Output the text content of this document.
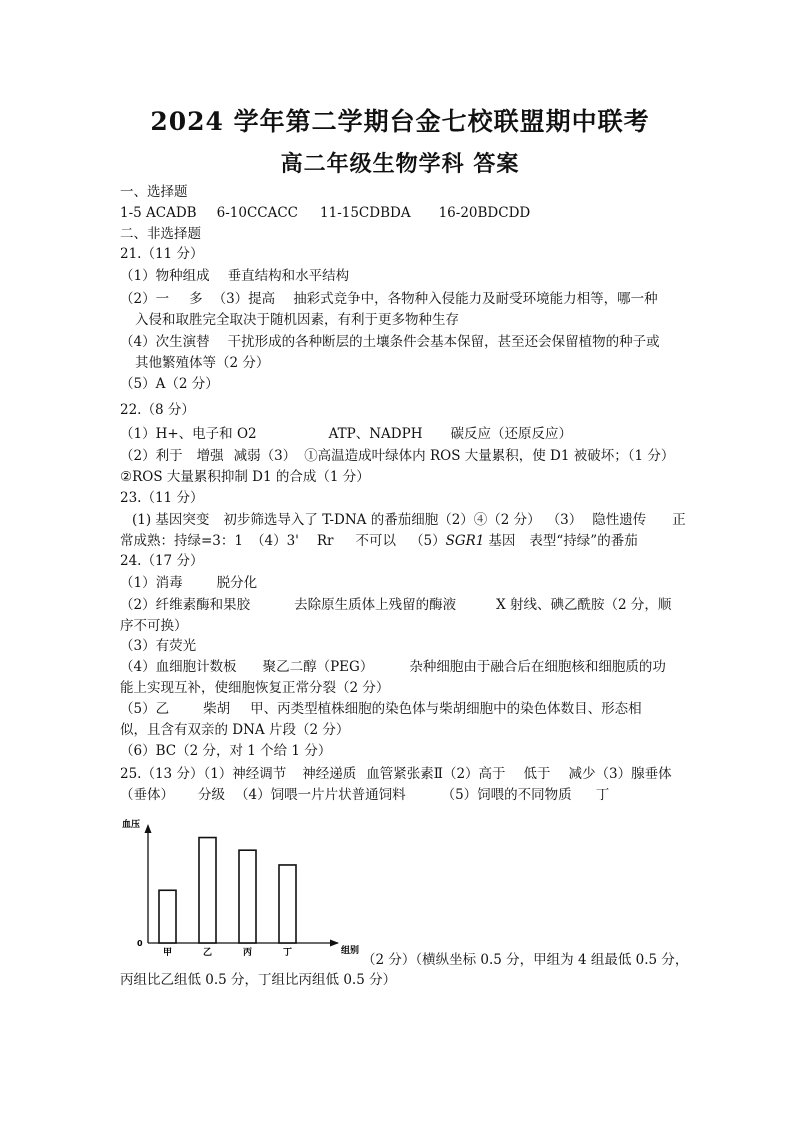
2024 学年第二学期台金七校联盟期中联考
高二年级生物学科 答案
一、选择题
1-5 ACADB 6-10CCACC 11-15CDBDA 16-20BDCDD
二、非选择题
21.（11 分）
（1）物种组成 垂直结构和水平结构
（2）一 多 （3）提高 抽彩式竞争中，各物种入侵能力及耐受环境能力相等，哪一种
入侵和取胜完全取决于随机因素，有利于更多物种生存
（4）次生演替 干扰形成的各种断层的土壤条件会基本保留，甚至还会保留植物的种子或
其他繁殖体等（2 分）
（5）A（2 分）
22.（8 分）
（1）H+、电子和 O2	ATP、NADPH 碳反应（还原反应）
（2）利于 增强 减弱（3） ①高温造成叶绿体内 ROS 大量累积，使 D1 被破坏；（1 分）
②ROS 大量累积抑制 D1 的合成（1 分）
23.（11 分）
(1) 基因突变 初步筛选导入了 T-DNA 的番茄细胞（2）④（2 分） （3） 隐性遗传 正
常成熟：持绿=3：1 （4）3' Rr 不可以 （5）SGR1 基因 表型“持绿”的番茄
24.（17 分）
（1）消毒	脱分化
（2）纤维素酶和果胶	去除原生质体上残留的酶液	X 射线、碘乙酰胺（2 分，顺
序不可换）
（3）有荧光
（4）血细胞计数板 聚乙二醇（PEG）	杂种细胞由于融合后在细胞核和细胞质的功
能上实现互补，使细胞恢复正常分裂（2 分）
（5）乙	柴胡 甲、丙类型植株细胞的染色体与柴胡细胞中的染色体数目、形态相
似，且含有双亲的 DNA 片段（2 分）
（6）BC（2 分，对 1 个给 1 分）
25.（13 分）（1）神经调节 神经递质 血管紧张素Ⅱ（2）高于 低于 减少（3）腺垂体
（垂体） 分级 （4）饲喂一片片状普通饲料	（5）饲喂的不同物质 丁
血压
组别
0
甲	乙	丙	丁	（2 分）（横纵坐标 0.5 分，甲组为 4 组最低 0.5 分，
丙组比乙组低 0.5 分，丁组比丙组低 0.5 分）
